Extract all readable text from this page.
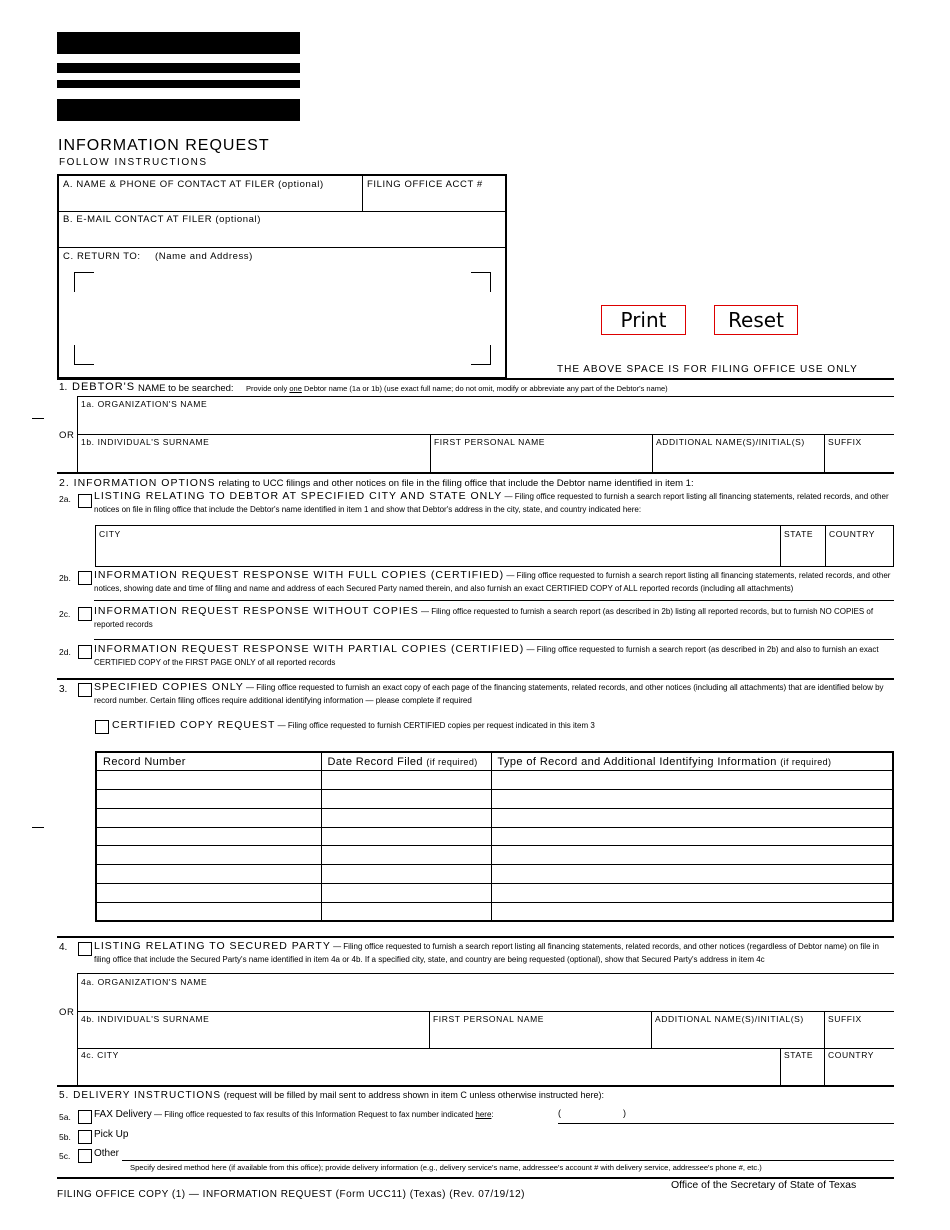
INFORMATION REQUEST
FOLLOW INSTRUCTIONS
A. NAME & PHONE OF CONTACT AT FILER (optional)	FILING OFFICE ACCT #
B. E-MAIL CONTACT AT FILER (optional)
C. RETURN TO: (Name and Address)
Print	Reset
THE ABOVE SPACE IS FOR FILING OFFICE USE ONLY
1. DEBTOR'S NAME to be searched: Provide only one Debtor name (1a or 1b) (use exact full name; do not omit, modify or abbreviate any part of the Debtor's name)
1a. ORGANIZATION'S NAME
OR
1b. INDIVIDUAL'S SURNAME	FIRST PERSONAL NAME	ADDITIONAL NAME(S)/INITIAL(S)	SUFFIX
2. INFORMATION OPTIONS relating to UCC filings and other notices on file in the filing office that include the Debtor name identified in item 1:
2a. LISTING RELATING TO DEBTOR AT SPECIFIED CITY AND STATE ONLY — Filing office requested to furnish a search report listing all financing statements, related records, and other notices on file in filing office that include the Debtor's name identified in item 1 and show that Debtor's address in the city, state, and country indicated here:
CITY	STATE COUNTRY
2b. INFORMATION REQUEST RESPONSE WITH FULL COPIES (CERTIFIED) — Filing office requested to furnish a search report listing all financing statements, related records, and other notices, showing date and time of filing and name and address of each Secured Party named therein, and also furnish an exact CERTIFIED COPY of ALL reported records (including all attachments)
2c. INFORMATION REQUEST RESPONSE WITHOUT COPIES — Filing office requested to furnish a search report (as described in 2b) listing all reported records, but to furnish NO COPIES of reported records
2d. INFORMATION REQUEST RESPONSE WITH PARTIAL COPIES (CERTIFIED) — Filing office requested to furnish a search report (as described in 2b) and also to furnish an exact CERTIFIED COPY of the FIRST PAGE ONLY of all reported records
3.	SPECIFIED COPIES ONLY — Filing office requested to furnish an exact copy of each page of the financing statements, related records, and other notices (including all attachments) that are identified below by record number. Certain filing offices require additional identifying information — please complete if required
CERTIFIED COPY REQUEST — Filing office requested to furnish CERTIFIED copies per request indicated in this item 3
Record Number	Date Record Filed (if required)	Type of Record and Additional Identifying Information (if required)

4.	LISTING RELATING TO SECURED PARTY — Filing office requested to furnish a search report listing all financing statements, related records, and other notices (regardless of Debtor name) on file in filing office that include the Secured Party's name identified in item 4a or 4b. If a specified city, state, and country are being requested (optional), show that Secured Party's address in item 4c
4a. ORGANIZATION'S NAME
OR
4b. INDIVIDUAL'S SURNAME	FIRST PERSONAL NAME	ADDITIONAL NAME(S)/INITIAL(S)	SUFFIX
4c. CITY	STATE COUNTRY
5. DELIVERY INSTRUCTIONS (request will be filled by mail sent to address shown in item C unless otherwise instructed here):
5a. FAX Delivery — Filing office requested to fax results of this Information Request to fax number indicated here:	(	)
5b. Pick Up
5c. Other
Specify desired method here (if available from this office); provide delivery information (e.g., delivery service's name, addressee's account # with delivery service, addressee's phone #, etc.)
FILING OFFICE COPY (1) — INFORMATION REQUEST (Form UCC11) (Texas) (Rev. 07/19/12)
Office of the Secretary of State of Texas
